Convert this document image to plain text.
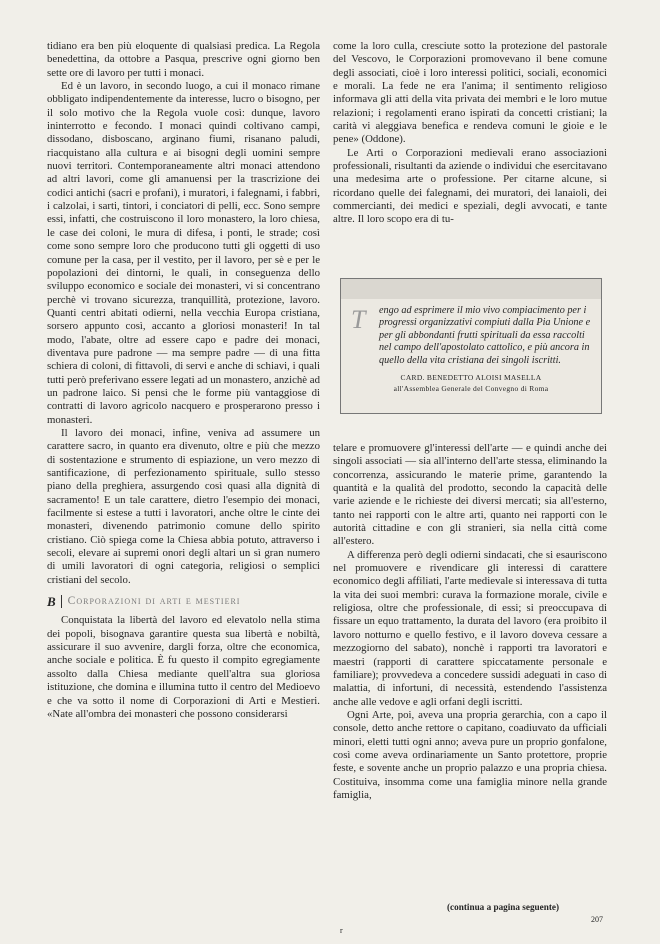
tidiano era ben più eloquente di qualsiasi predica. La Regola benedettina, da ottobre a Pasqua, prescrive ogni giorno ben sette ore di lavoro per tutti i monaci.

Ed è un lavoro, in secondo luogo, a cui il monaco rimane obbligato indipendentemente da interesse, lucro o bisogno, per il solo motivo che la Regola vuole così: dunque, lavoro ininterrotto e fecondo. I monaci quindi coltivano campi, dissodano, disboscano, arginano fiumi, risanano paludi, riacquistano alla cultura e ai bisogni degli uomini sempre nuovi territori. Contemporaneamente altri monaci attendono ad altri lavori, come gli amanuensi per la trascrizione dei codici antichi (sacri e profani), i muratori, i falegnami, i fabbri, i calzolai, i sarti, tintori, i conciatori di pelli, ecc. Sono sempre essi, infatti, che costruiscono il loro monastero, la loro chiesa, le case dei coloni, le mura di difesa, i ponti, le strade; così come sono sempre loro che producono tutti gli oggetti di uso comune per la casa, per il vestito, per il lavoro, per sè e per le popolazioni dei dintorni, le quali, in conseguenza dello sviluppo economico e sociale dei monasteri, vi si concentrano perchè vi trovano sicurezza, tranquillità, protezione, lavoro. Quanti centri abitati odierni, nella vecchia Europa cristiana, sorsero appunto così, accanto a gloriosi monasteri! In tal modo, l'abate, oltre ad essere capo e padre dei monaci, diventava pure padrone — ma sempre padre — di una fitta schiera di coloni, di fittavoli, di servi e anche di schiavi, i quali tutti però preferivano essere legati ad un monastero, anzichè ad un padrone laico. Si pensi che le forme più vantaggiose di contratti di lavoro agricolo nacquero e prosperarono presso i monasteri.

Il lavoro dei monaci, infine, veniva ad assumere un carattere sacro, in quanto era divenuto, oltre e più che mezzo di sostentazione e strumento di espiazione, un vero mezzo di santificazione, di perfezionamento spirituale, sullo stesso piano della preghiera, assurgendo così quasi alla dignità di sacramento! E un tale carattere, dietro l'esempio dei monaci, facilmente si estese a tutti i lavoratori, anche oltre le cinte dei monasteri, divenendo patrimonio comune dello spirito cristiano. Ciò spiega come la Chiesa abbia potuto, attraverso i secoli, elevare ai supremi onori degli altari un sì gran numero di umili lavoratori di ogni categoria, religiosi o semplici cristiani del secolo.

B	Corporazioni di arti e mestieri

Conquistata la libertà del lavoro ed elevatolo nella stima dei popoli, bisognava garantire questa sua libertà e nobiltà, assicurare il suo avvenire, dargli forza, oltre che economica, anche sociale e politica. È fu questo il compito egregiamente assolto dalla Chiesa mediante quell'altra sua gloriosa istituzione, che domina e illumina tutto il centro del Medioevo e che va sotto il nome di Corporazioni di Arti e Mestieri. «Nate all'ombra dei monasteri che possono considerarsi

come la loro culla, cresciute sotto la protezione del pastorale del Vescovo, le Corporazioni promovevano il bene comune degli associati, cioè i loro interessi politici, sociali, economici e morali. La fede ne era l'anima; il sentimento religioso informava gli atti della vita privata dei membri e le loro mutue relazioni; i regolamenti erano ispirati da concetti cristiani; la carità vi aleggiava benefica e rendeva comuni le gioie e le pene» (Oddone).

Le Arti o Corporazioni medievali erano associazioni professionali, risultanti da aziende o individui che esercitavano una medesima arte o professione. Per citarne alcune, si ricordano quelle dei falegnami, dei muratori, dei lanaioli, dei commercianti, dei medici e speziali, degli avvocati, e tante altre. Il loro scopo era di tu-

T	engo ad esprimere il mio vivo compiacimento per i progressi organizzativi compiuti dalla Pia Unione e per gli abbondanti frutti spirituali da essa raccolti nel campo dell'apostolato cattolico, e più ancora in quello della vita cristiana dei singoli iscritti.
CARD. BENEDETTO ALOISI MASELLA
all'Assemblea Generale del Convegno di Roma

telare e promuovere gl'interessi dell'arte — e quindi anche dei singoli associati — sia all'interno dell'arte stessa, eliminando la concorrenza, assicurando le materie prime, garantendo la quantità e la qualità del prodotto, secondo la capacità delle varie aziende e le richieste dei diversi mercati; sia all'esterno, tanto nei rapporti con le altre arti, quanto nei rapporti con le autorità cittadine e con gli stranieri, sia nella città come all'estero.

A differenza però degli odierni sindacati, che si esauriscono nel promuovere e rivendicare gli interessi di carattere economico degli affiliati, l'arte medievale si interessava di tutta la vita dei suoi membri: curava la formazione morale, civile e religiosa, oltre che professionale, di essi; si preoccupava di fissare un equo trattamento, la durata del lavoro (era proibito il lavoro notturno e quello festivo, e il lavoro doveva cessare a mezzogiorno del sabato), nonchè i rapporti tra lavoratori e maestri (rapporti di carattere spiccatamente personale e familiare); provvedeva a concedere sussidi adeguati in caso di malattia, di infortuni, di necessità, estendendo l'assistenza anche alle vedove e agli orfani degli iscritti.

Ogni Arte, poi, aveva una propria gerarchia, con a capo il console, detto anche rettore o capitano, coadiuvato da ufficiali minori, eletti tutti ogni anno; aveva pure un proprio gonfalone, così come aveva ordinariamente un Santo protettore, proprie feste, e sovente anche un proprio palazzo e una propria chiesa. Costituiva, insomma come una famiglia minore nella grande famiglia,

(continua a pagina seguente)
207
r
